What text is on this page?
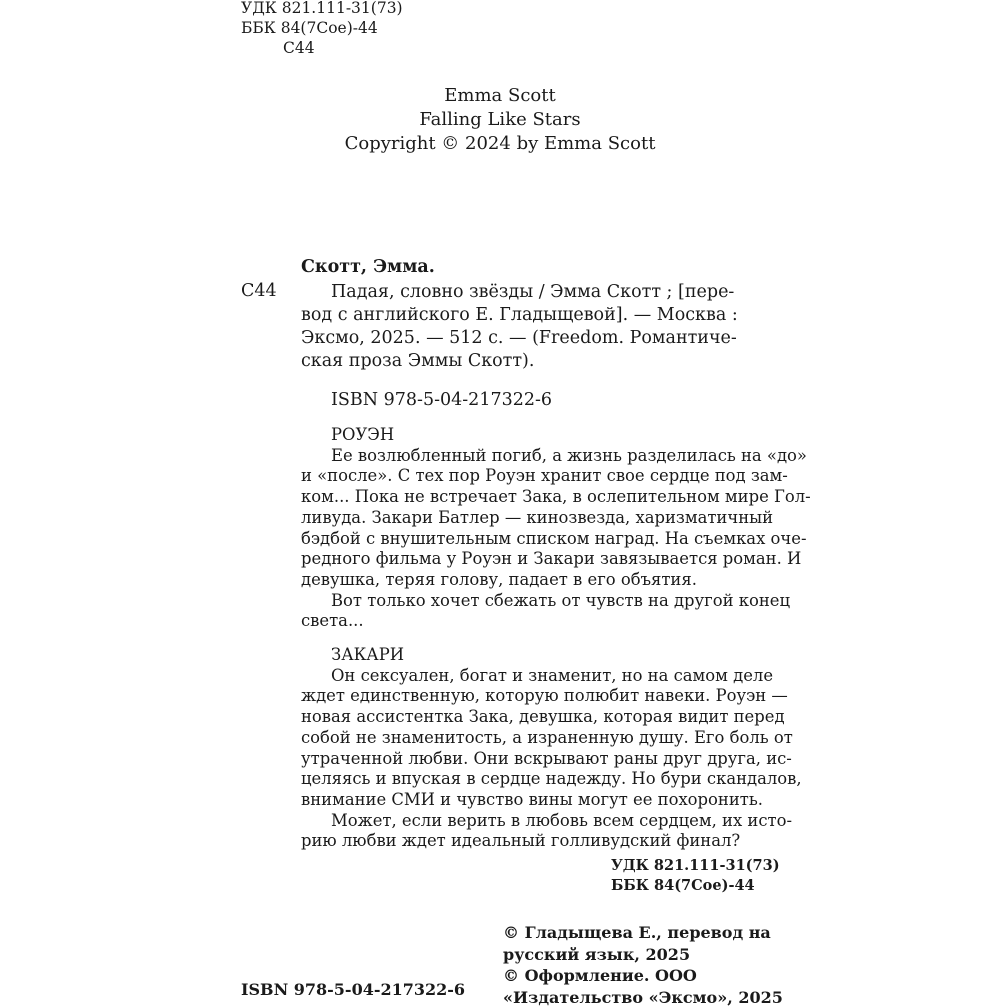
УДК 821.111-31(73)
ББК 84(7Сое)-44
С44
Emma Scott
Falling Like Stars
Copyright © 2024 by Emma Scott
Скотт, Эмма.
С44	Падая, словно звёзды / Эмма Скотт ; [пере-
вод с английского Е. Гладыщевой]. — Москва :
Эксмо, 2025. — 512 с. — (Freedom. Романтиче-
ская проза Эммы Скотт).
ISBN 978-5-04-217322-6
РОУЭН
Ее возлюбленный погиб, а жизнь разделилась на «до»
и «после». С тех пор Роуэн хранит свое сердце под зам-
ком... Пока не встречает Зака, в ослепительном мире Гол-
ливуда. Закари Батлер — кинозвезда, харизматичный
бэдбой с внушительным списком наград. На съемках оче-
редного фильма у Роуэн и Закари завязывается роман. И
девушка, теряя голову, падает в его объятия.
Вот только хочет сбежать от чувств на другой конец
света...
ЗАКАРИ
Он сексуален, богат и знаменит, но на самом деле
ждет единственную, которую полюбит навеки. Роуэн —
новая ассистентка Зака, девушка, которая видит перед
собой не знаменитость, а израненную душу. Его боль от
утраченной любви. Они вскрывают раны друг друга, ис-
целяясь и впуская в сердце надежду. Но бури скандалов,
внимание СМИ и чувство вины могут ее похоронить.
Может, если верить в любовь всем сердцем, их исто-
рию любви ждет идеальный голливудский финал?
УДК 821.111-31(73)
ББК 84(7Сое)-44
© Гладыщева Е., перевод на
русский язык, 2025
© Оформление. ООО
«Издательство «Эксмо», 2025
ISBN 978-5-04-217322-6
